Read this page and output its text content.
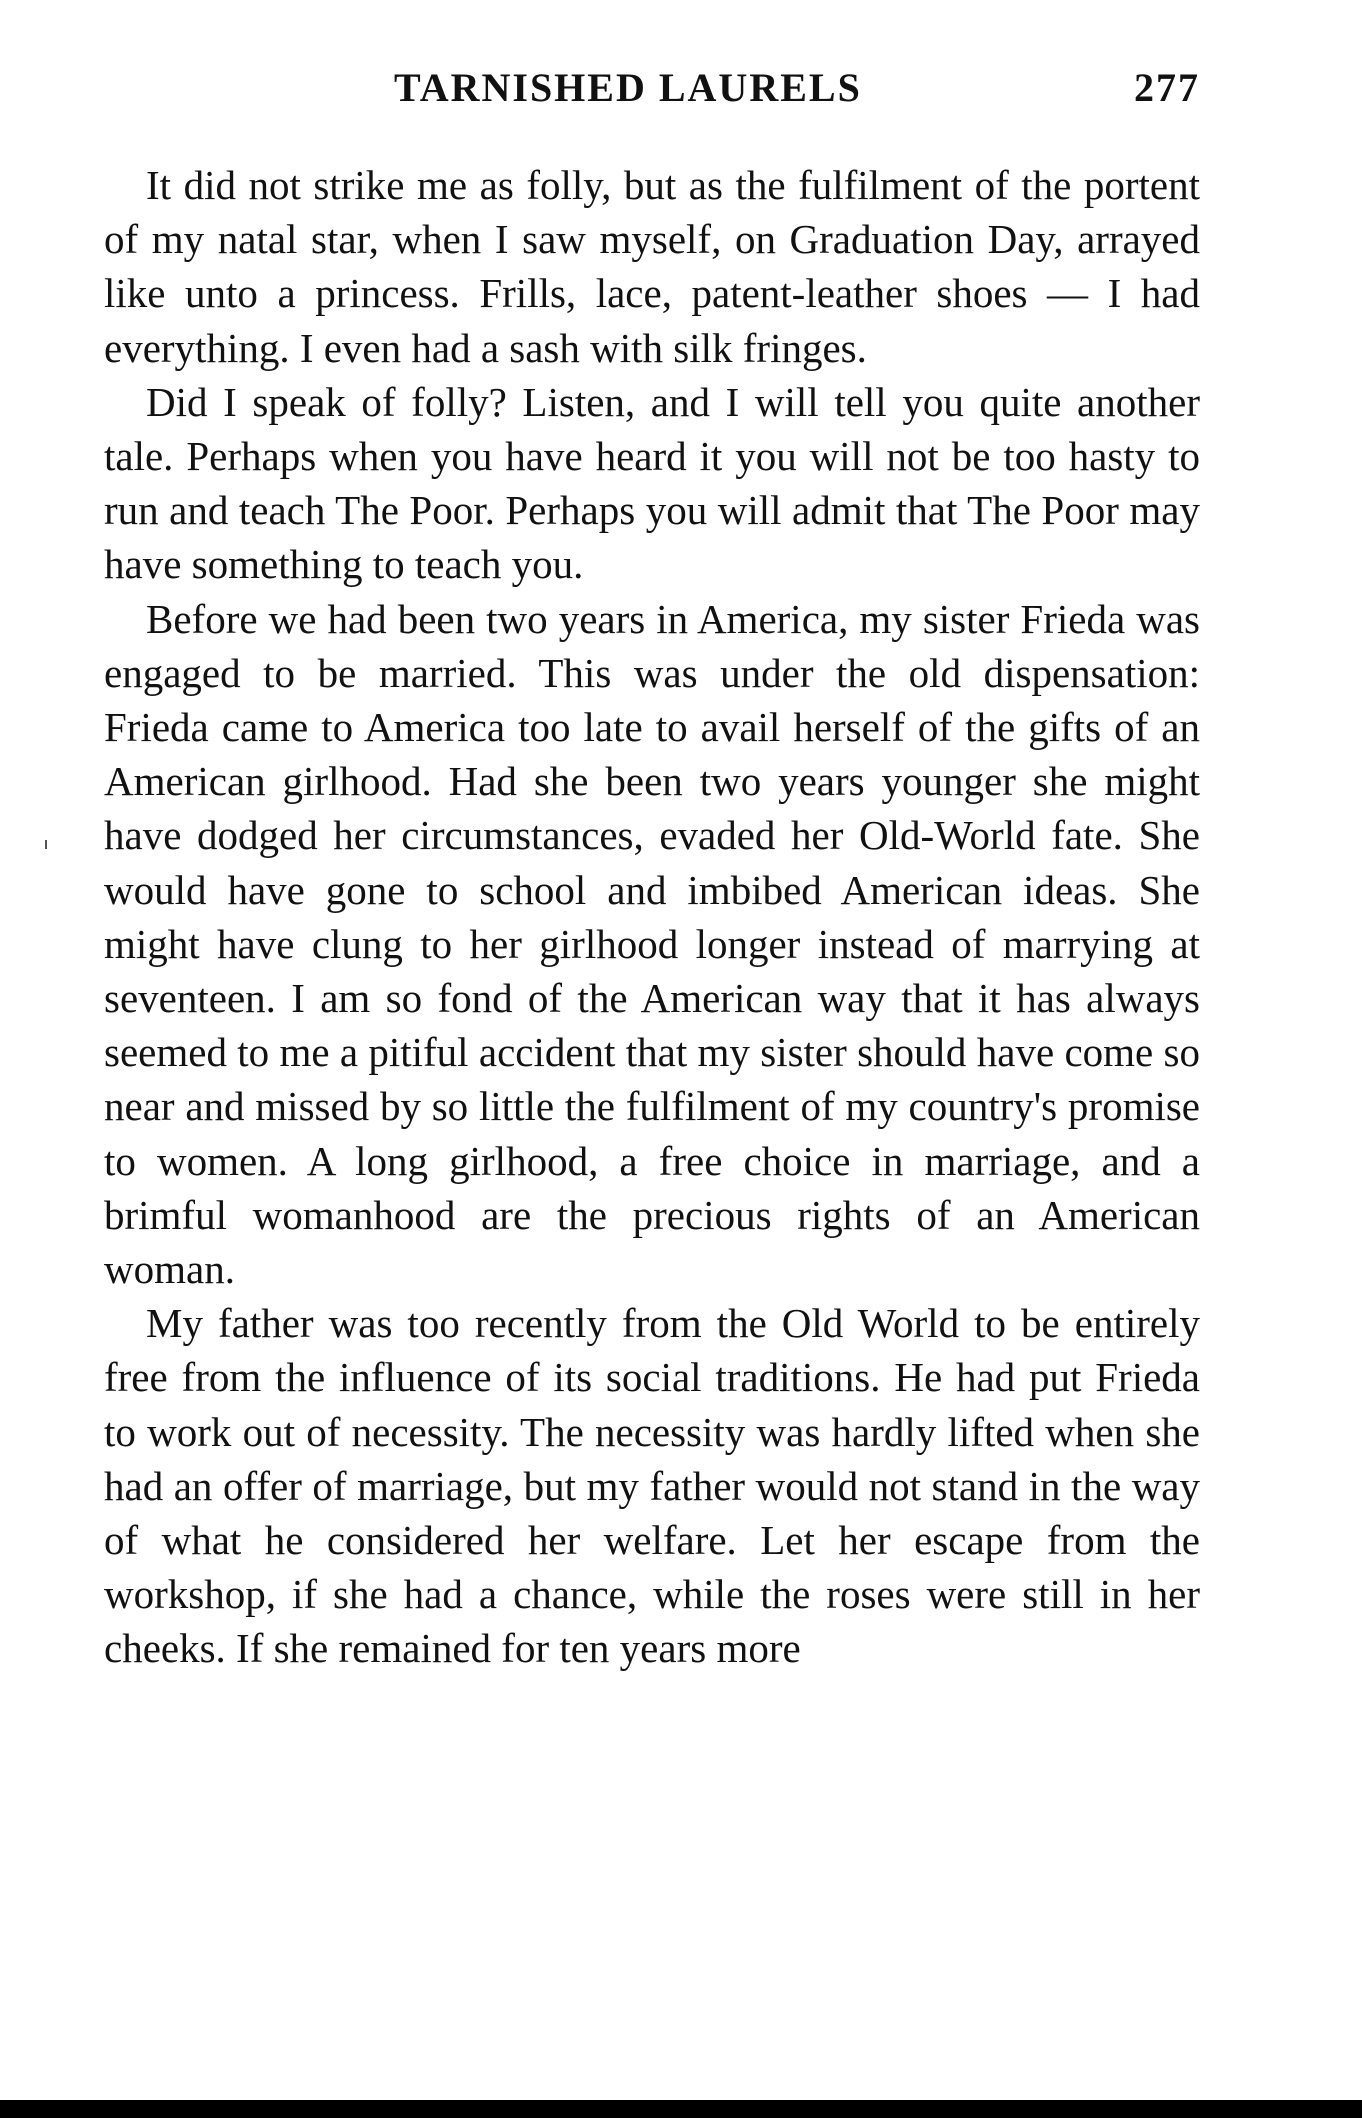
TARNISHED LAURELS	277

It did not strike me as folly, but as the fulfilment of the portent of my natal star, when I saw myself, on Graduation Day, arrayed like unto a princess. Frills, lace, patent-leather shoes — I had everything. I even had a sash with silk fringes.

Did I speak of folly? Listen, and I will tell you quite another tale. Perhaps when you have heard it you will not be too hasty to run and teach The Poor. Perhaps you will admit that The Poor may have something to teach you.

Before we had been two years in America, my sister Frieda was engaged to be married. This was under the old dispensation: Frieda came to America too late to avail herself of the gifts of an American girlhood. Had she been two years younger she might have dodged her circumstances, evaded her Old-World fate. She would have gone to school and imbibed American ideas. She might have clung to her girlhood longer instead of marrying at seventeen. I am so fond of the American way that it has always seemed to me a pitiful accident that my sister should have come so near and missed by so little the fulfilment of my country's promise to women. A long girlhood, a free choice in marriage, and a brimful womanhood are the precious rights of an American woman.

My father was too recently from the Old World to be entirely free from the influence of its social traditions. He had put Frieda to work out of necessity. The necessity was hardly lifted when she had an offer of marriage, but my father would not stand in the way of what he considered her welfare. Let her escape from the workshop, if she had a chance, while the roses were still in her cheeks. If she remained for ten years more
